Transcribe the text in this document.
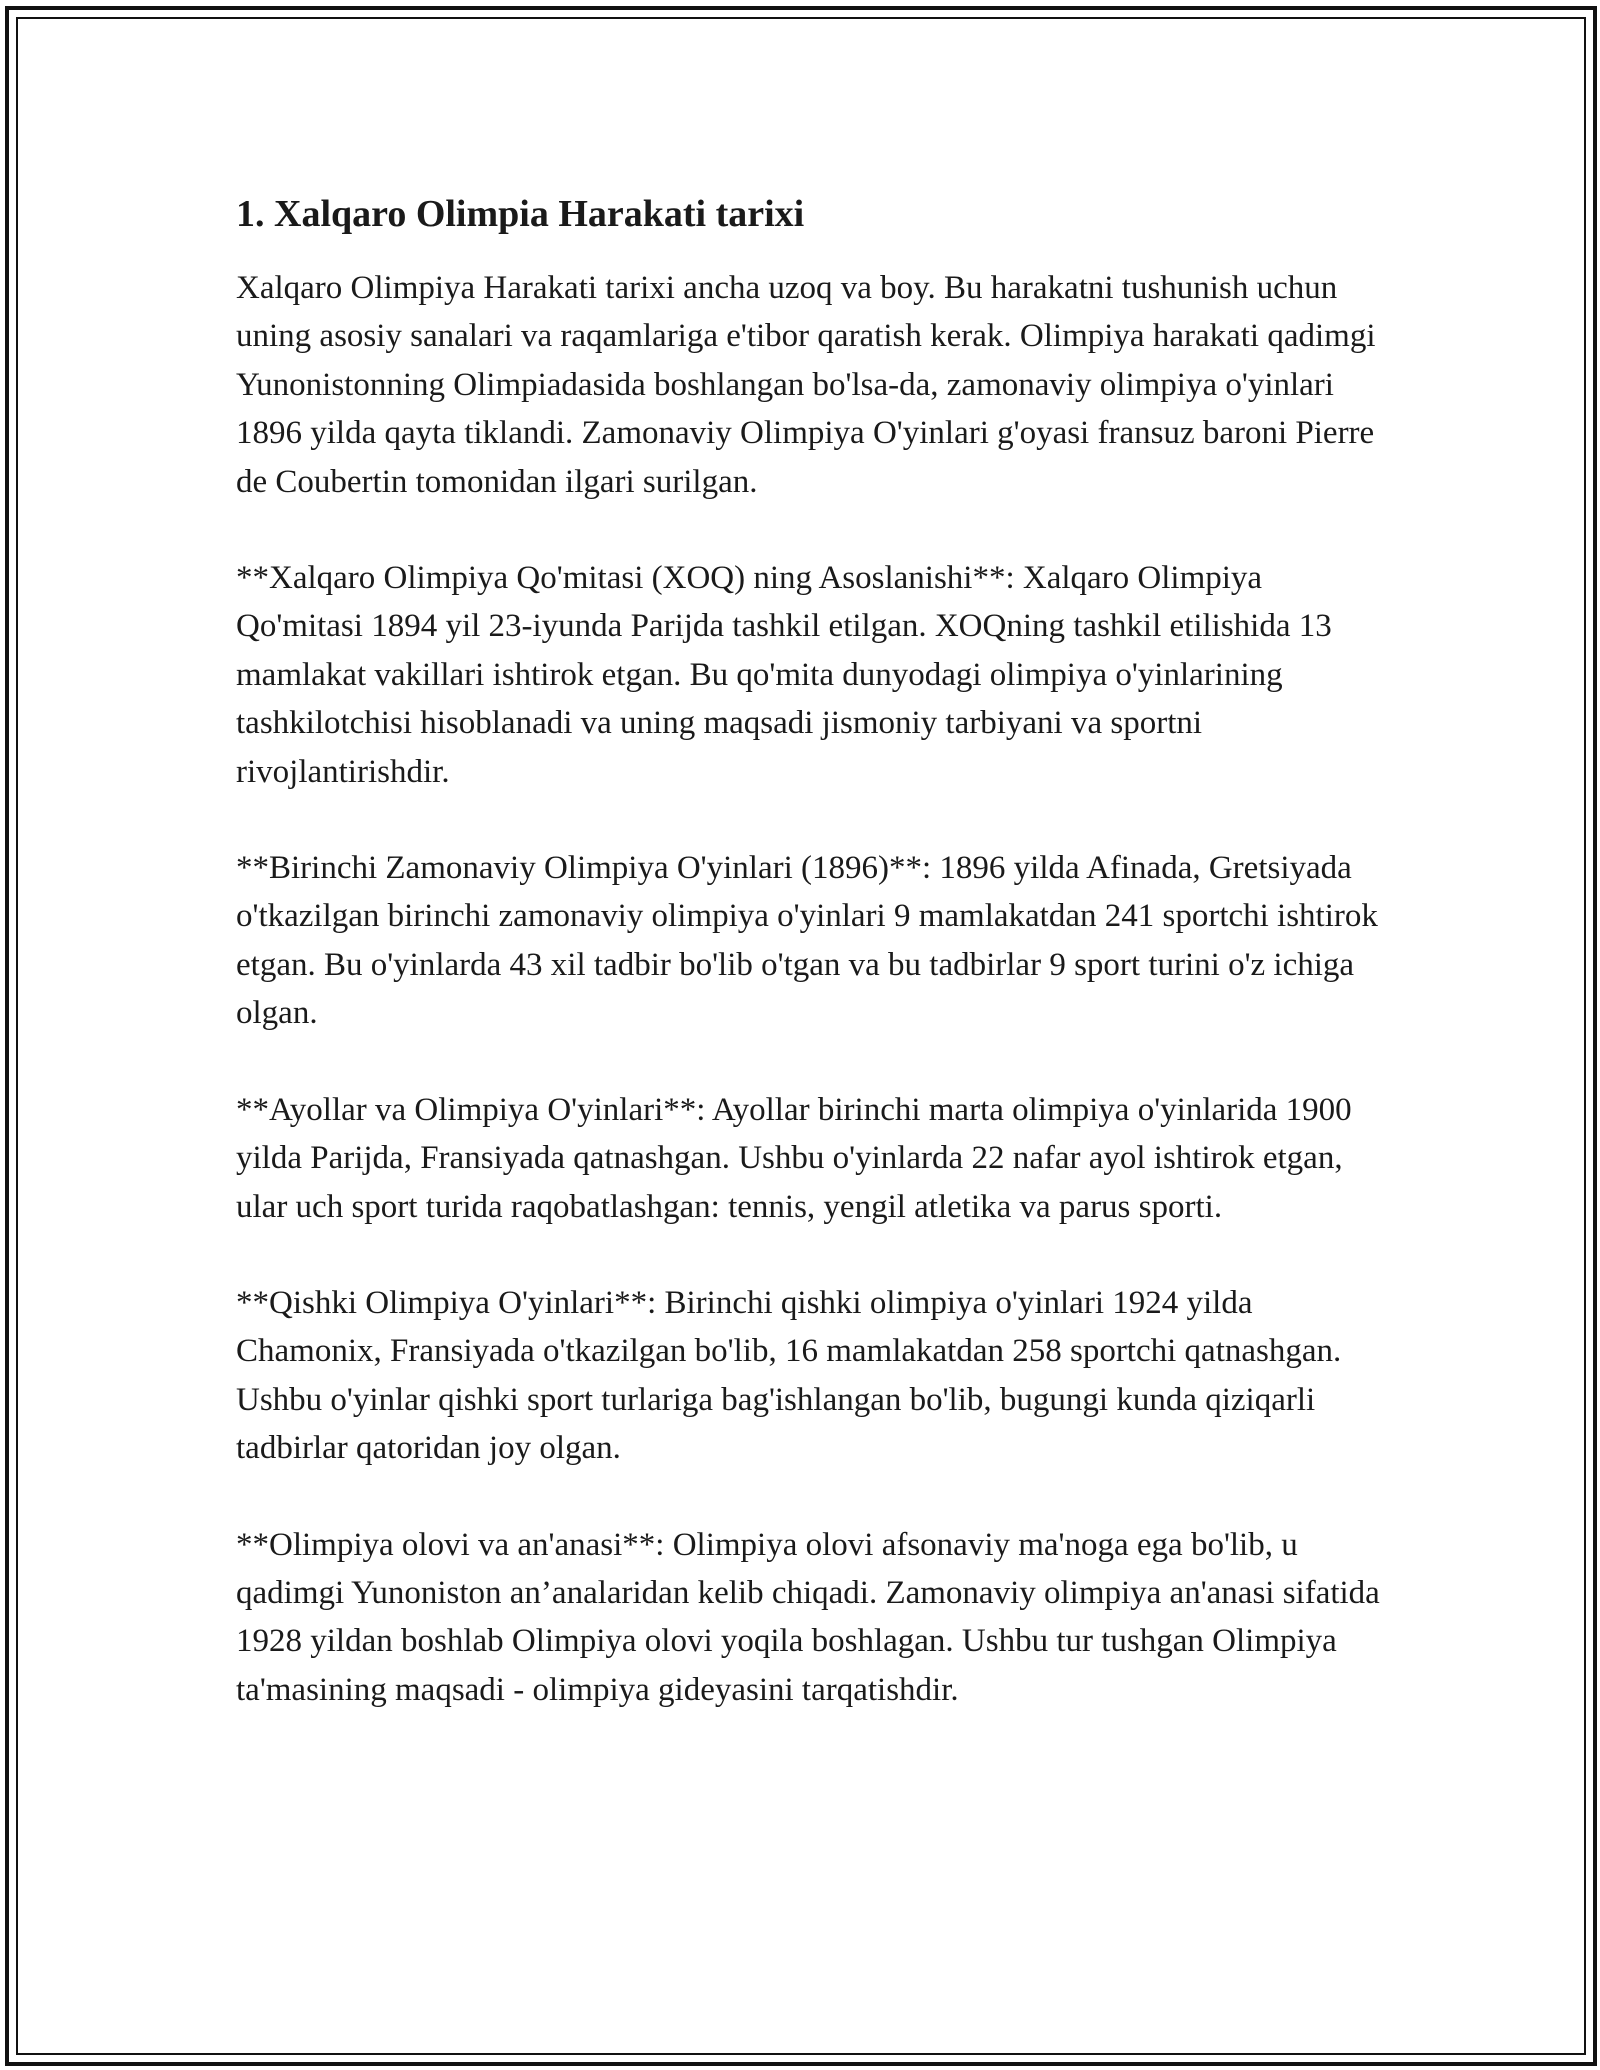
1. Xalqaro Olimpia Harakati tarixi

Xalqaro Olimpiya Harakati tarixi ancha uzoq va boy. Bu harakatni tushunish uchun uning asosiy sanalari va raqamlariga e'tibor qaratish kerak. Olimpiya harakati qadimgi Yunonistonning Olimpiadasida boshlangan bo'lsa-da, zamonaviy olimpiya o'yinlari 1896 yilda qayta tiklandi. Zamonaviy Olimpiya O'yinlari g'oyasi fransuz baroni Pierre de Coubertin tomonidan ilgari surilgan.

**Xalqaro Olimpiya Qo'mitasi (XOQ) ning Asoslanishi**: Xalqaro Olimpiya Qo'mitasi 1894 yil 23-iyunda Parijda tashkil etilgan. XOQning tashkil etilishida 13 mamlakat vakillari ishtirok etgan. Bu qo'mita dunyodagi olimpiya o'yinlarining tashkilotchisi hisoblanadi va uning maqsadi jismoniy tarbiyani va sportni rivojlantirishdir.

**Birinchi Zamonaviy Olimpiya O'yinlari (1896)**: 1896 yilda Afinada, Gretsiyada o'tkazilgan birinchi zamonaviy olimpiya o'yinlari 9 mamlakatdan 241 sportchi ishtirok etgan. Bu o'yinlarda 43 xil tadbir bo'lib o'tgan va bu tadbirlar 9 sport turini o'z ichiga olgan.

**Ayollar va Olimpiya O'yinlari**: Ayollar birinchi marta olimpiya o'yinlarida 1900 yilda Parijda, Fransiyada qatnashgan. Ushbu o'yinlarda 22 nafar ayol ishtirok etgan, ular uch sport turida raqobatlashgan: tennis, yengil atletika va parus sporti.

**Qishki Olimpiya O'yinlari**: Birinchi qishki olimpiya o'yinlari 1924 yilda Chamonix, Fransiyada o'tkazilgan bo'lib, 16 mamlakatdan 258 sportchi qatnashgan. Ushbu o'yinlar qishki sport turlariga bag'ishlangan bo'lib, bugungi kunda qiziqarli tadbirlar qatoridan joy olgan.

**Olimpiya olovi va an'anasi**: Olimpiya olovi afsonaviy ma'noga ega bo'lib, u qadimgi Yunoniston an’analaridan kelib chiqadi. Zamonaviy olimpiya an'anasi sifatida 1928 yildan boshlab Olimpiya olovi yoqila boshlagan. Ushbu tur tushgan Olimpiya ta'masining maqsadi - olimpiya gideyasini tarqatishdir.
